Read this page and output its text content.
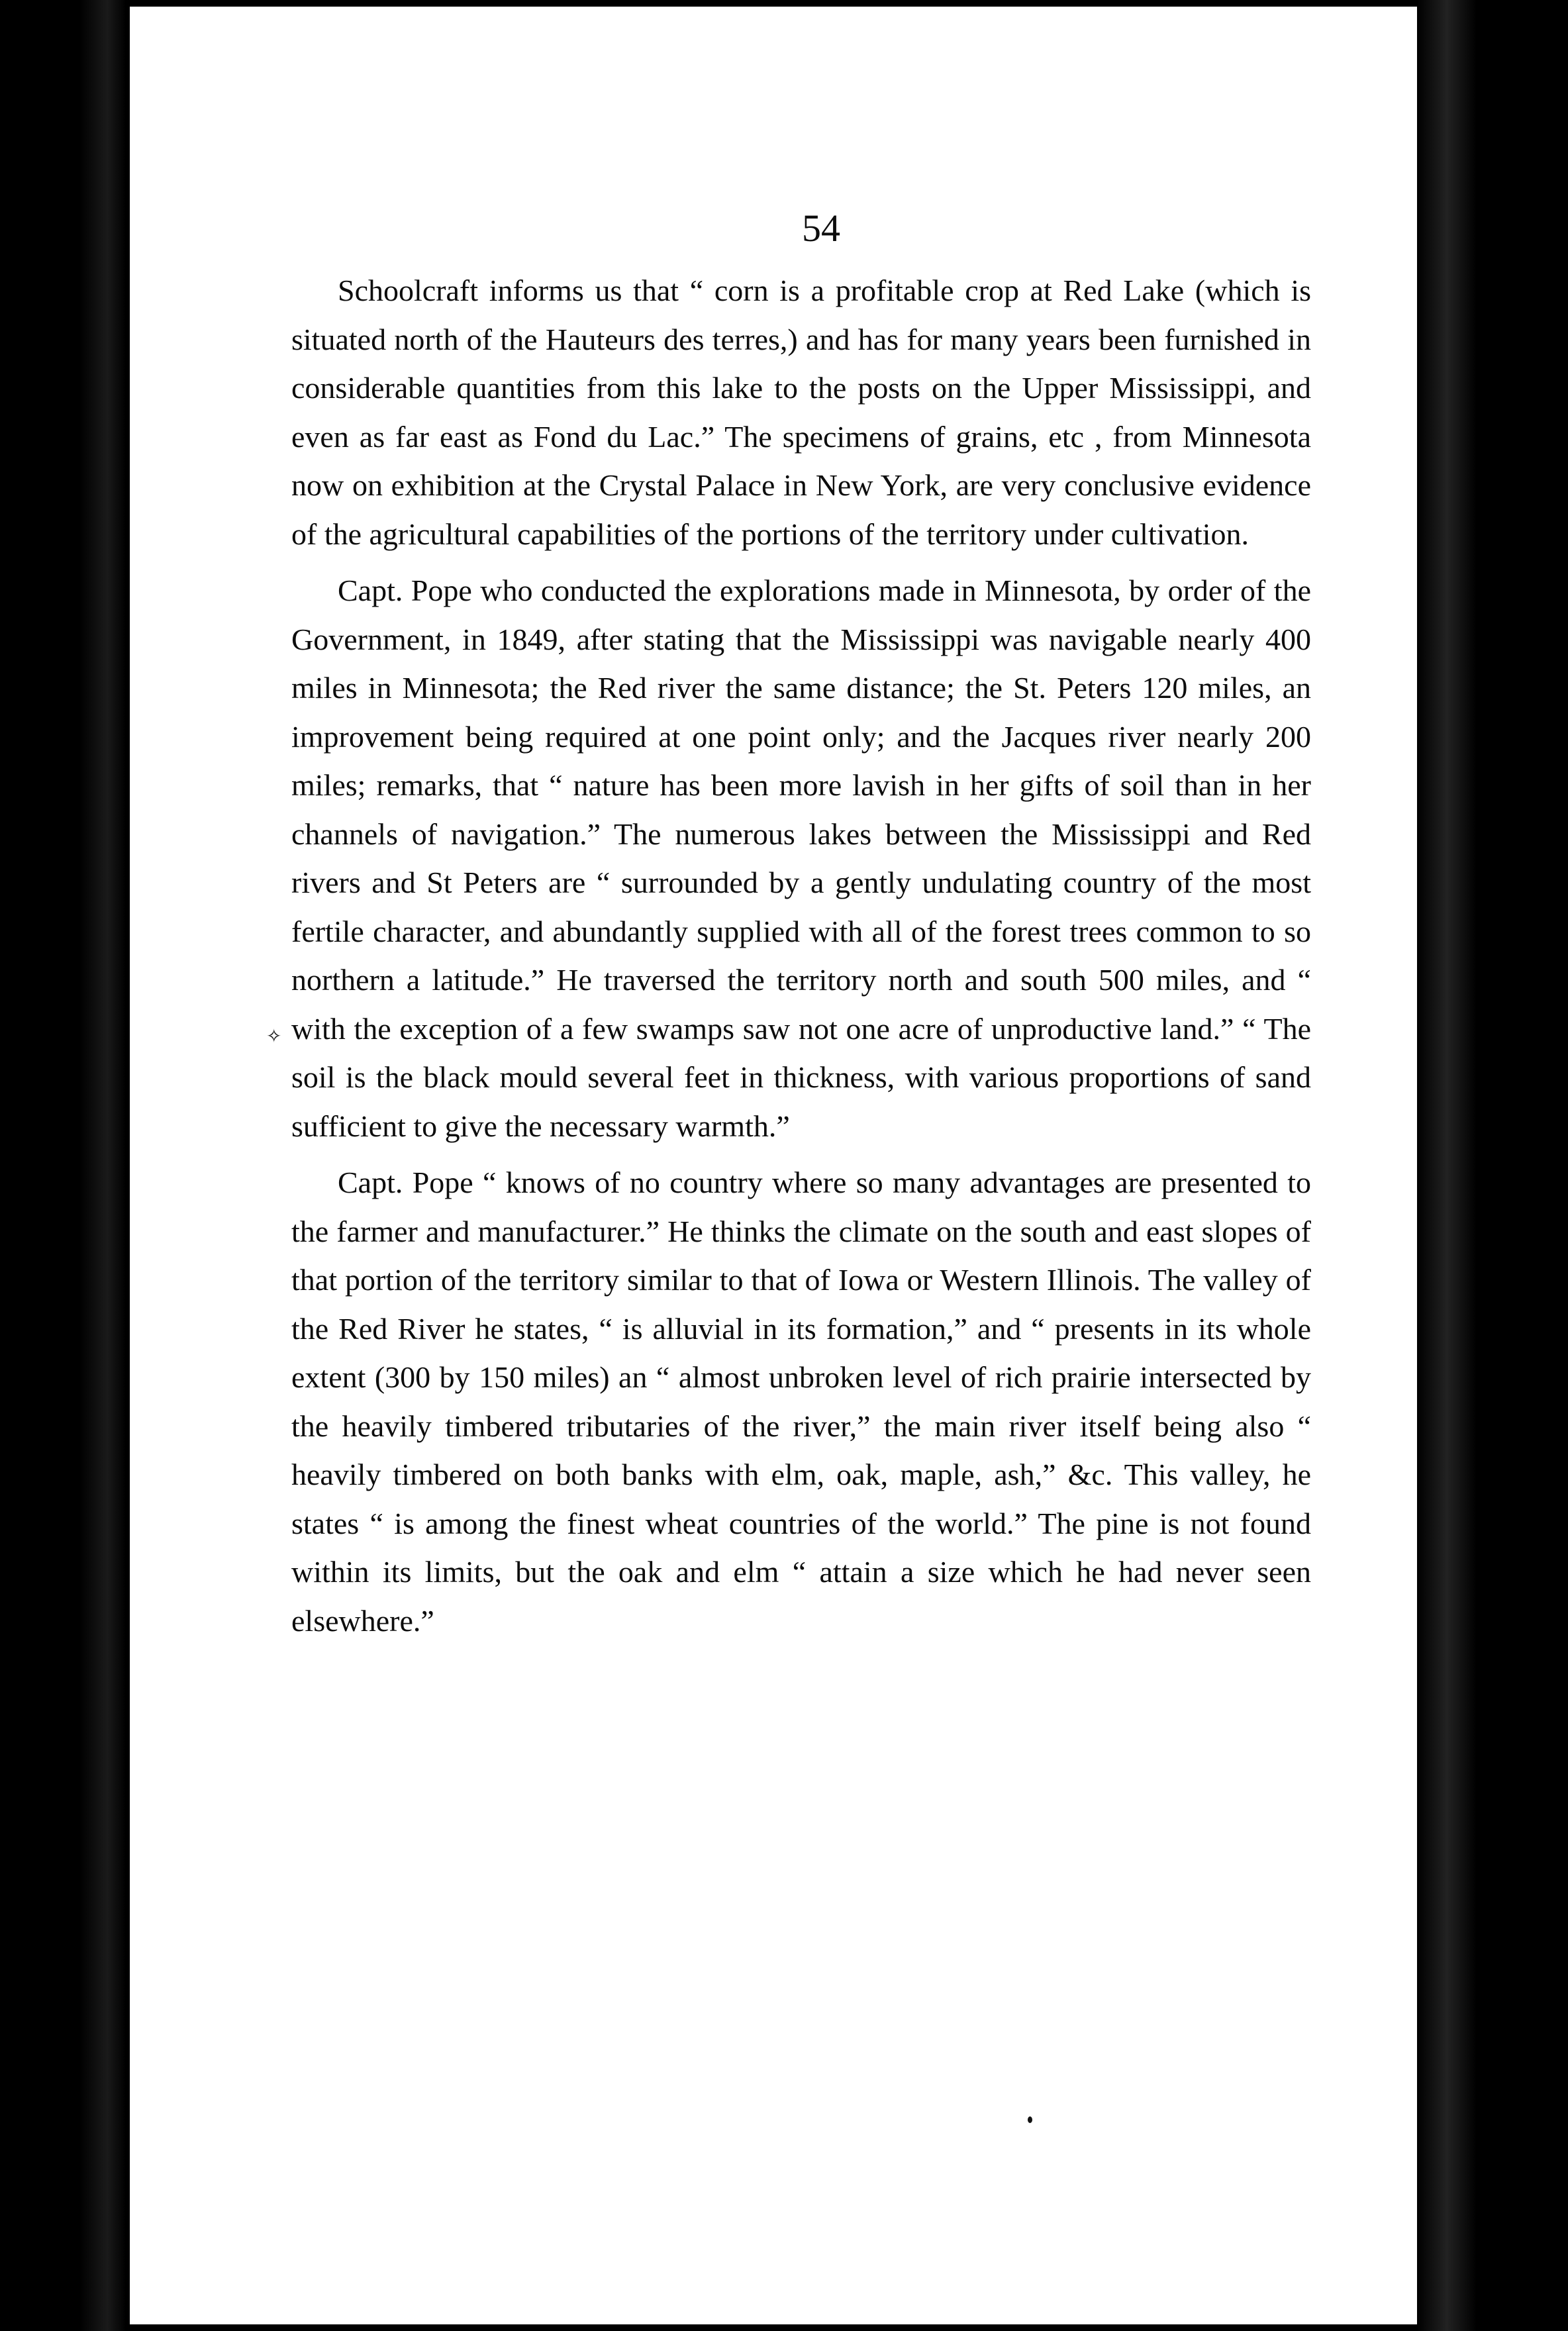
54

Schoolcraft informs us that “ corn is a profitable crop at Red Lake (which is situated north of the Hauteurs des terres,) and has for many years been furnished in considerable quantities from this lake to the posts on the Upper Mississippi, and even as far east as Fond du Lac.” The specimens of grains, etc , from Minnesota now on exhibition at the Crystal Palace in New York, are very conclusive evidence of the agricultural capabilities of the portions of the territory under cultivation.

Capt. Pope who conducted the explorations made in Minnesota, by order of the Government, in 1849, after stating that the Mississippi was navigable nearly 400 miles in Minnesota; the Red river the same distance; the St. Peters 120 miles, an improvement being required at one point only; and the Jacques river nearly 200 miles; remarks, that “ nature has been more lavish in her gifts of soil than in her channels of navigation.” The numerous lakes between the Mississippi and Red rivers and St Peters are “ surrounded by a gently undulating country of the most fertile character, and abundantly supplied with all of the forest trees common to so northern a latitude.” He traversed the territory north and south 500 miles, and “ with the exception of a few swamps saw not one acre of unproductive land.” “ The soil is the black mould several feet in thickness, with various proportions of sand sufficient to give the necessary warmth.”

Capt. Pope “ knows of no country where so many advantages are presented to the farmer and manufacturer.” He thinks the climate on the south and east slopes of that portion of the territory similar to that of Iowa or Western Illinois. The valley of the Red River he states, “ is alluvial in its formation,” and “ presents in its whole extent (300 by 150 miles) an “ almost unbroken level of rich prairie intersected by the heavily timbered tributaries of the river,” the main river itself being also “ heavily timbered on both banks with elm, oak, maple, ash,” &c. This valley, he states “ is among the finest wheat countries of the world.” The pine is not found within its limits, but the oak and elm “ attain a size which he had never seen elsewhere.”

✧
